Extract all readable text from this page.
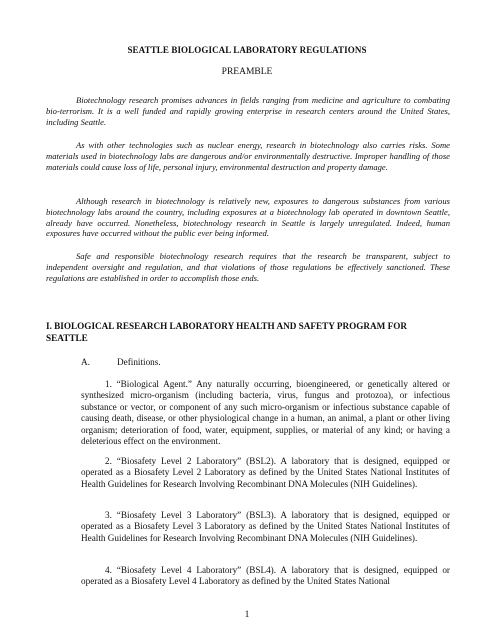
SEATTLE BIOLOGICAL LABORATORY REGULATIONS
PREAMBLE

Biotechnology research promises advances in fields ranging from medicine and agriculture to combating bio-terrorism. It is a well funded and rapidly growing enterprise in research centers around the United States, including Seattle.

As with other technologies such as nuclear energy, research in biotechnology also carries risks. Some materials used in biotechnology labs are dangerous and/or environmentally destructive. Improper handling of those materials could cause loss of life, personal injury, environmental destruction and property damage.

Although research in biotechnology is relatively new, exposures to dangerous substances from various biotechnology labs around the country, including exposures at a biotechnology lab operated in downtown Seattle, already have occurred. Nonetheless, biotechnology research in Seattle is largely unregulated. Indeed, human exposures have occurred without the public ever being informed.

Safe and responsible biotechnology research requires that the research be transparent, subject to independent oversight and regulation, and that violations of those regulations be effectively sanctioned. These regulations are established in order to accomplish those ends.

I. BIOLOGICAL RESEARCH LABORATORY HEALTH AND SAFETY PROGRAM FOR SEATTLE

A.	Definitions.

1. “Biological Agent.” Any naturally occurring, bioengineered, or genetically altered or synthesized micro-organism (including bacteria, virus, fungus and protozoa), or infectious substance or vector, or component of any such micro-organism or infectious substance capable of causing death, disease, or other physiological change in a human, an animal, a plant or other living organism; deterioration of food, water, equipment, supplies, or material of any kind; or having a deleterious effect on the environment.

2. “Biosafety Level 2 Laboratory” (BSL2). A laboratory that is designed, equipped or operated as a Biosafety Level 2 Laboratory as defined by the United States National Institutes of Health Guidelines for Research Involving Recombinant DNA Molecules (NIH Guidelines).

3. “Biosafety Level 3 Laboratory” (BSL3). A laboratory that is designed, equipped or operated as a Biosafety Level 3 Laboratory as defined by the United States National Institutes of Health Guidelines for Research Involving Recombinant DNA Molecules (NIH Guidelines).

4. “Biosafety Level 4 Laboratory” (BSL4). A laboratory that is designed, equipped or operated as a Biosafety Level 4 Laboratory as defined by the United States National

1
